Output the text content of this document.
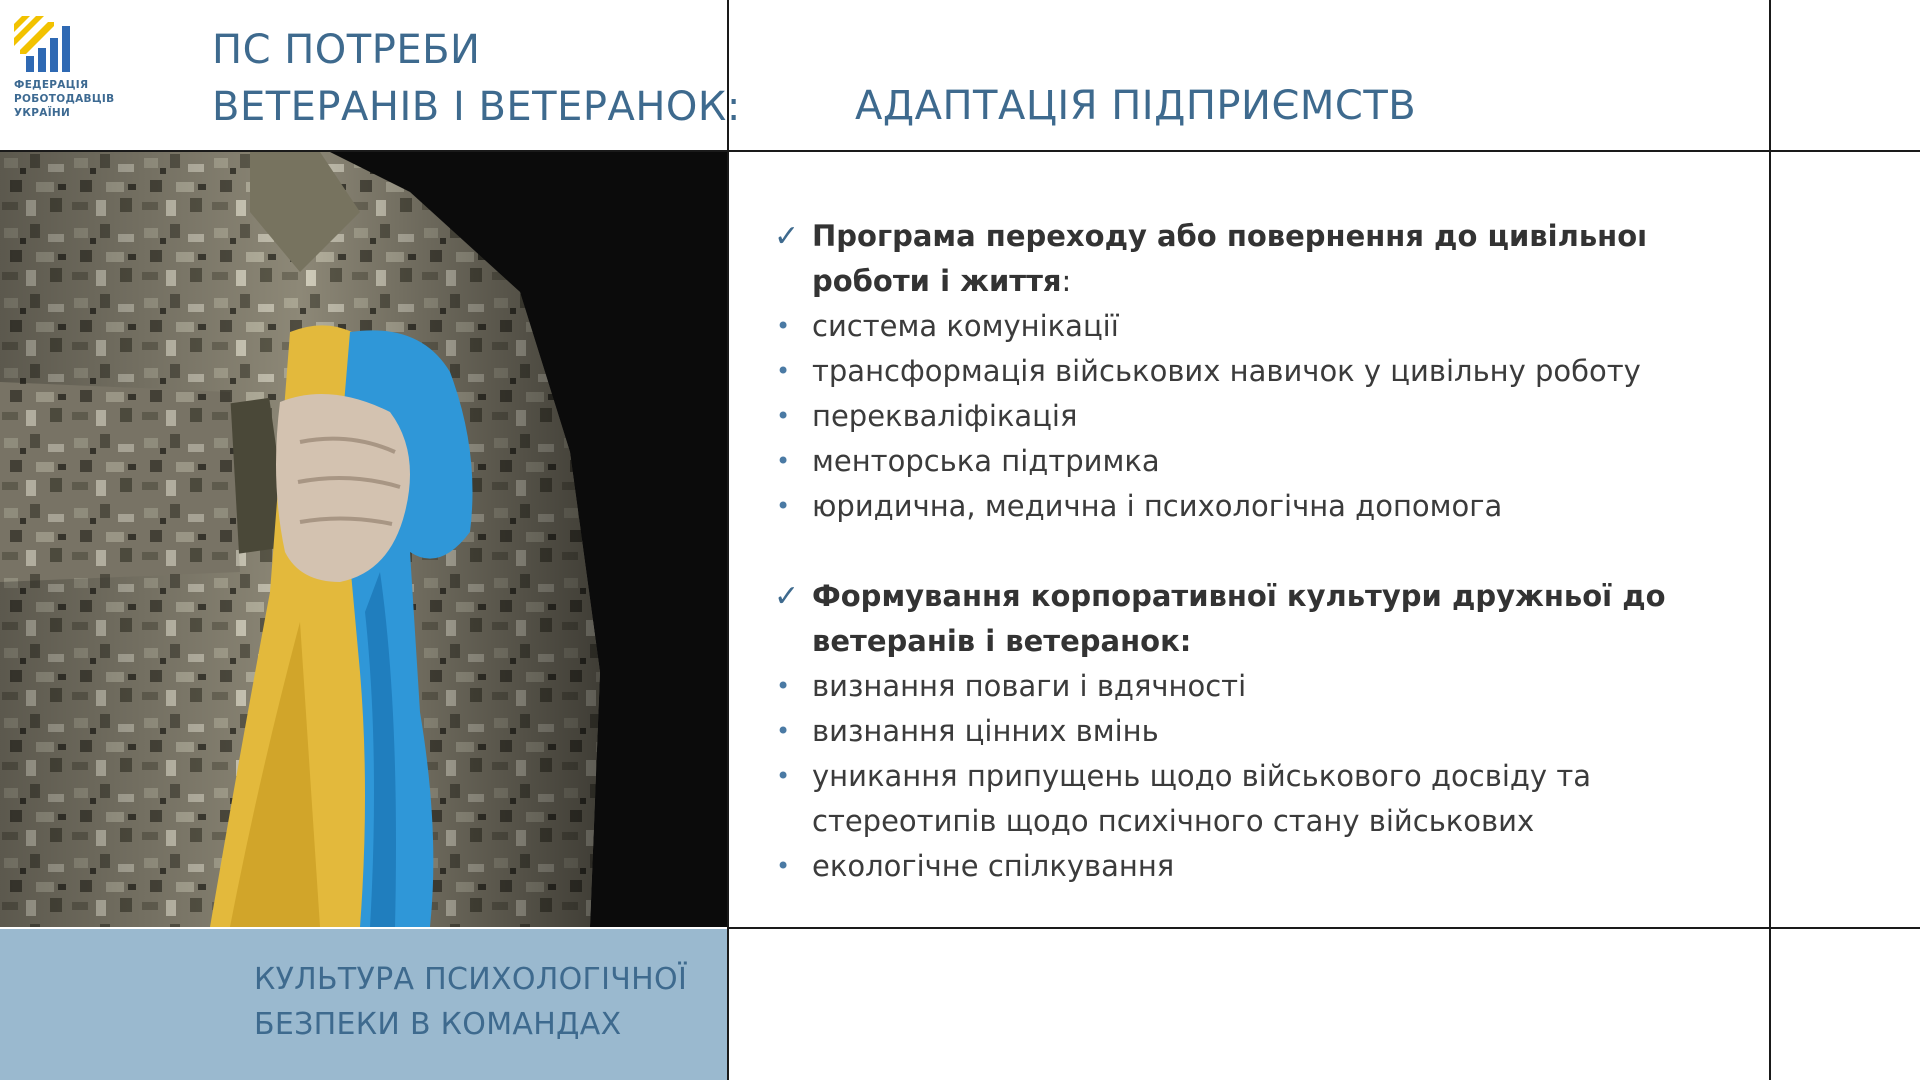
ФЕДЕРАЦІЯ
РОБОТОДАВЦІВ
УКРАЇНИ
ПС ПОТРЕБИ
ВЕТЕРАНІВ І ВЕТЕРАНОК:	АДАПТАЦІЯ ПІДПРИЄМСТВ
КУЛЬТУРА ПСИХОЛОГІЧНОЇ
БЕЗПЕКИ В КОМАНДАХ
✓ Програма переходу або повернення до цивільноı
роботи і життя:
• система комунікації
• трансформація військових навичок у цивільну роботу
• перекваліфікація
• менторська підтримка
• юридична, медична і психологічна допомога
✓ Формування корпоративної культури дружньої до
ветеранів і ветеранок:
• визнання поваги і вдячності
• визнання цінних вмінь
• уникання припущень щодо військового досвіду та
стереотипів щодо психічного стану військових
• екологічне спілкування
